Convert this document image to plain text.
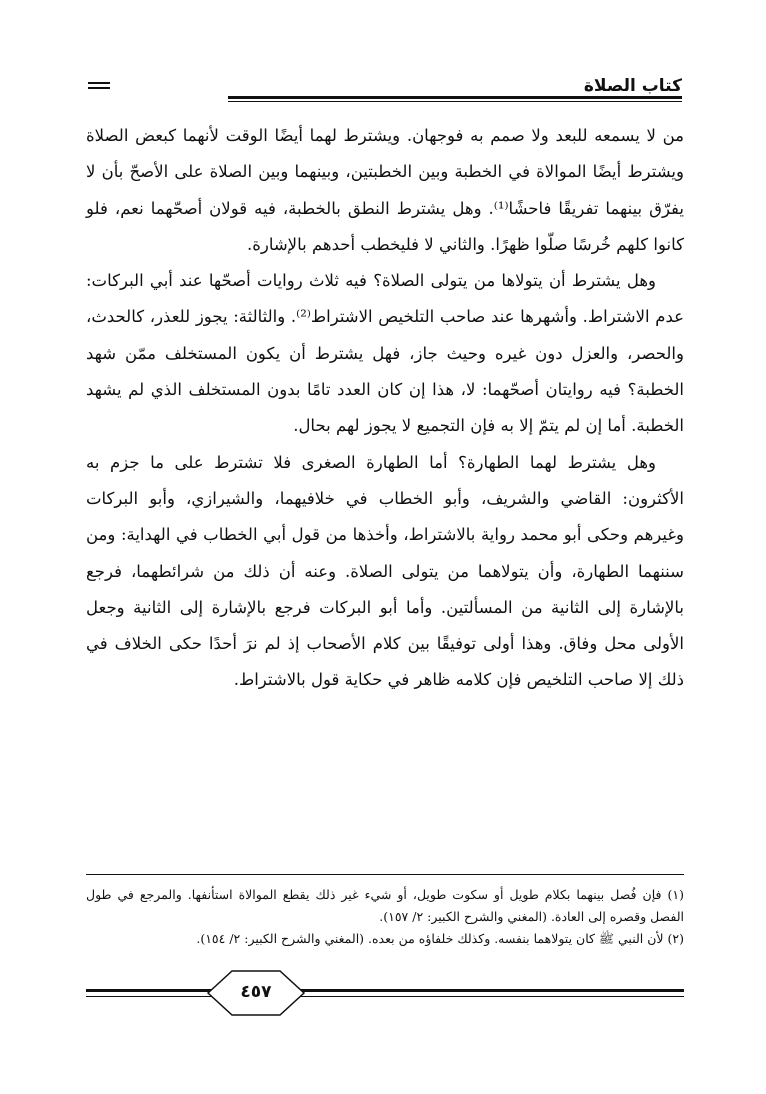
كتاب الصلاة

من لا يسمعه للبعد ولا صمم به فوجهان. ويشترط لهما أيضًا الوقت لأنهما كبعض الصلاة ويشترط أيضًا الموالاة في الخطبة وبين الخطبتين، وبينهما وبين الصلاة على الأصحّ بأن لا يفرّق بينهما تفريقًا فاحشًا⁽¹⁾. وهل يشترط النطق بالخطبة، فيه قولان أصحّهما نعم، فلو كانوا كلهم خُرسًا صلّوا ظهرًا. والثاني لا فليخطب أحدهم بالإشارة.

وهل يشترط أن يتولاها من يتولى الصلاة؟ فيه ثلاث روايات أصحّها عند أبي البركات: عدم الاشتراط. وأشهرها عند صاحب التلخيص الاشتراط⁽²⁾. والثالثة: يجوز للعذر، كالحدث، والحصر، والعزل دون غيره وحيث جاز، فهل يشترط أن يكون المستخلف ممّن شهد الخطبة؟ فيه روايتان أصحّهما: لا، هذا إن كان العدد تامًا بدون المستخلف الذي لم يشهد الخطبة. أما إن لم يتمّ إلا به فإن التجميع لا يجوز لهم بحال.

وهل يشترط لهما الطهارة؟ أما الطهارة الصغرى فلا تشترط على ما جزم به الأكثرون: القاضي والشريف، وأبو الخطاب في خلافيهما، والشيرازي، وأبو البركات وغيرهم وحكى أبو محمد رواية بالاشتراط، وأخذها من قول أبي الخطاب في الهداية: ومن سننهما الطهارة، وأن يتولاهما من يتولى الصلاة. وعنه أن ذلك من شرائطهما، فرجع بالإشارة إلى الثانية من المسألتين. وأما أبو البركات فرجع بالإشارة إلى الثانية وجعل الأولى محل وفاق. وهذا أولى توفيقًا بين كلام الأصحاب إذ لم نرَ أحدًا حكى الخلاف في ذلك إلا صاحب التلخيص فإن كلامه ظاهر في حكاية قول بالاشتراط.

(١) فإن فُصل بينهما بكلام طويل أو سكوت طويل، أو شيء غير ذلك يقطع الموالاة استأنفها. والمرجع في طول الفصل وقصره إلى العادة. (المغني والشرح الكبير: ٢/ ١٥٧).

(٢) لأن النبي ﷺ كان يتولاهما بنفسه. وكذلك خلفاؤه من بعده. (المغني والشرح الكبير: ٢/ ١٥٤).

٤٥٧
